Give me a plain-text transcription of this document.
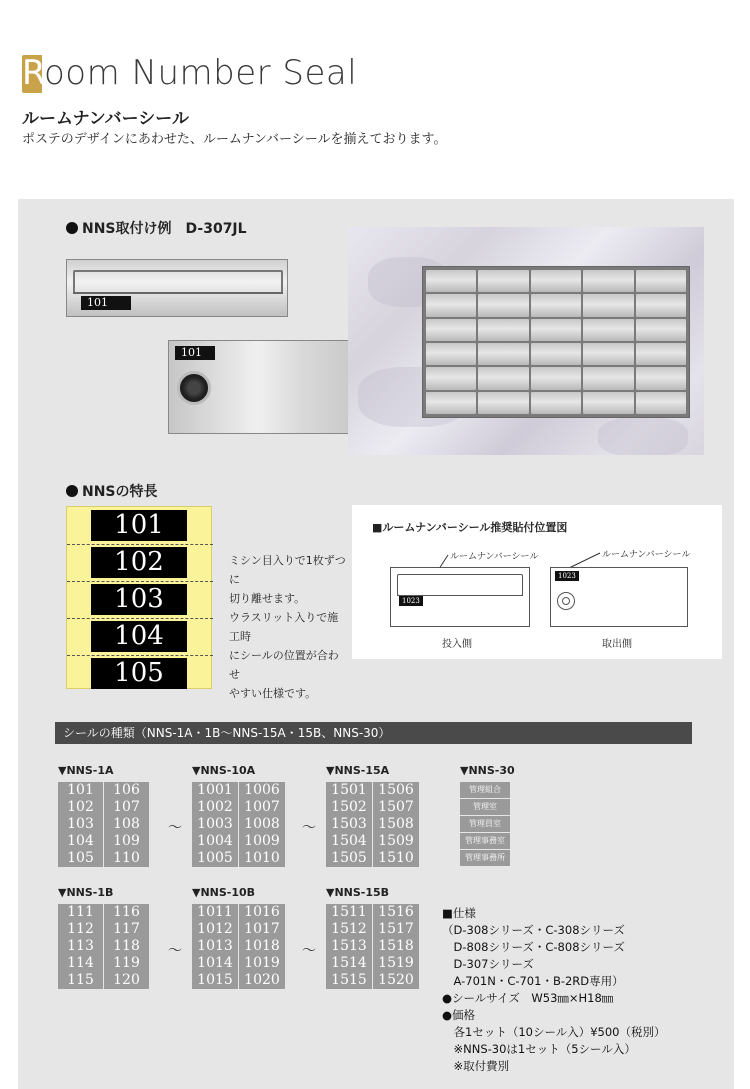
Room Number Seal
ルームナンバーシール
ポステのデザインにあわせた、ルームナンバーシールを揃えております。
NNS取付け例　D-307JL
101
101
NNSの特長
101
102
103
104
105
ミシン目入りで1枚ずつに
切り離せます。
ウラスリット入りで施工時
にシールの位置が合わせ
やすい仕様です。
■ルームナンバーシール推奨貼付位置図
ルームナンバーシール	ルームナンバーシール
1023
1023
投入側	取出側
シールの種類（NNS-1A・1B〜NNS-15A・15B、NNS-30）
▼NNS-1A
101	106
102	107
103	108
104	109
105	110
〜
▼NNS-10A
1001 1006
1002 1007
1003 1008
1004 1009
1005 1010
〜
▼NNS-15A
1501 1506
1502 1507
1503 1508
1504 1509
1505 1510
▼NNS-30
管理組合
管理室
管理員室
管理事務室
管理事務所
▼NNS-1B
111	116
112	117
113	118
114	119
115	120
〜
▼NNS-10B
1011 1016
1012 1017
1013 1018
1014 1019
1015 1020
〜
▼NNS-15B
1511 1516
1512 1517
1513 1518
1514 1519
1515 1520
■仕様
（D-308シリーズ・C-308シリーズ
　D-808シリーズ・C-808シリーズ
　D-307シリーズ
　A-701N・C-701・B-2RD専用）
●シールサイズ　W53㎜×H18㎜
●価格
　各1セット（10シール入）¥500（税別）
　※NNS-30は1セット（5シール入）
　※取付費別
